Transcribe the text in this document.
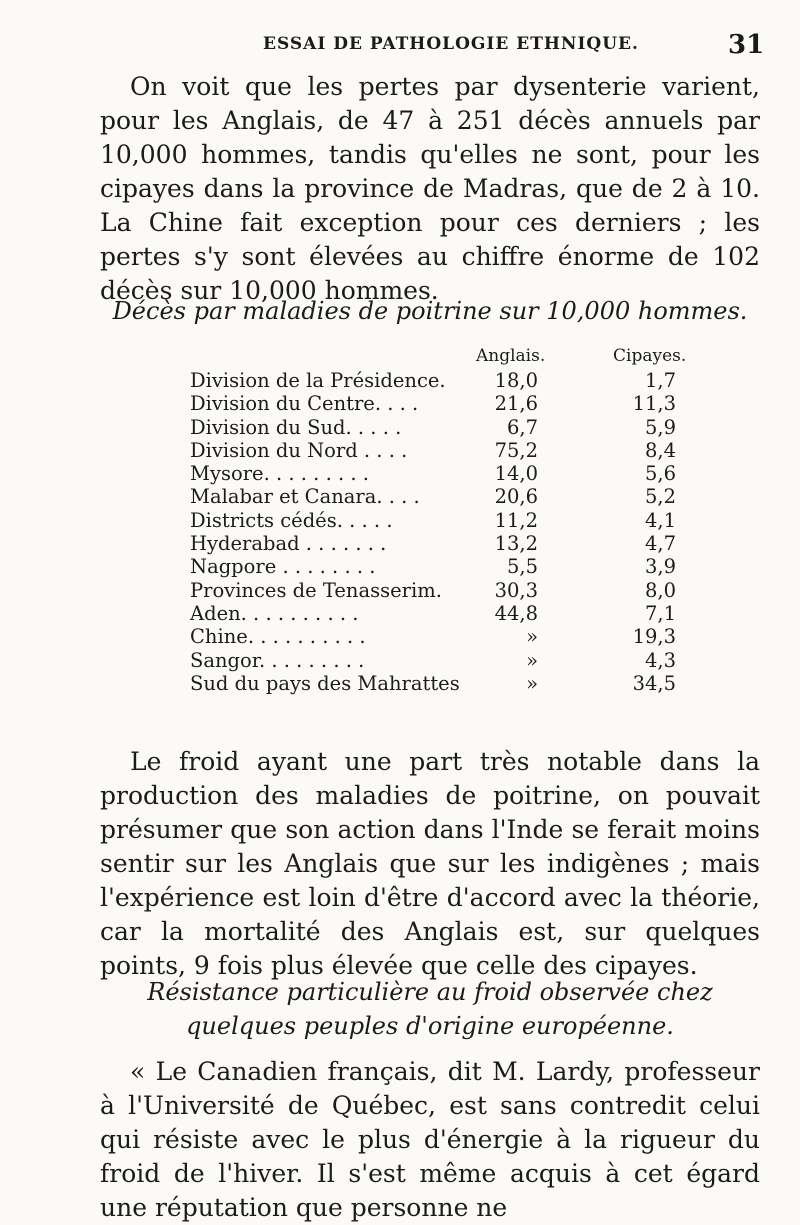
ESSAI DE PATHOLOGIE ETHNIQUE.	31

On voit que les pertes par dysenterie varient, pour les Anglais, de 47 à 251 décès annuels par 10,000 hommes, tandis qu'elles ne sont, pour les cipayes dans la province de Madras, que de 2 à 10. La Chine fait exception pour ces derniers ; les pertes s'y sont élevées au chiffre énorme de 102 décès sur 10,000 hommes.

Décès par maladies de poitrine sur 10,000 hommes.

Anglais.	Cipayes.
Division de la Présidence.	18,0	1,7
Division du Centre. . . .	21,6	11,3
Division du Sud. . . . .	6,7	5,9
Division du Nord . . . .	75,2	8,4
Mysore. . . . . . . . .	14,0	5,6
Malabar et Canara. . . .	20,6	5,2
Districts cédés. . . . .	11,2	4,1
Hyderabad . . . . . . .	13,2	4,7
Nagpore . . . . . . . .	5,5	3,9
Provinces de Tenasserim.	30,3	8,0
Aden. . . . . . . . . .	44,8	7,1
Chine. . . . . . . . . .	»	19,3
Sangor. . . . . . . . .	»	4,3
Sud du pays des Mahrattes	»	34,5

Le froid ayant une part très notable dans la production des maladies de poitrine, on pouvait présumer que son action dans l'Inde se ferait moins sentir sur les Anglais que sur les indigènes ; mais l'expérience est loin d'être d'accord avec la théorie, car la mortalité des Anglais est, sur quelques points, 9 fois plus élevée que celle des cipayes.

Résistance particulière au froid observée chez quelques peuples d'origine européenne.

« Le Canadien français, dit M. Lardy, professeur à l'Université de Québec, est sans contredit celui qui résiste avec le plus d'énergie à la rigueur du froid de l'hiver. Il s'est même acquis à cet égard une réputation que personne ne
